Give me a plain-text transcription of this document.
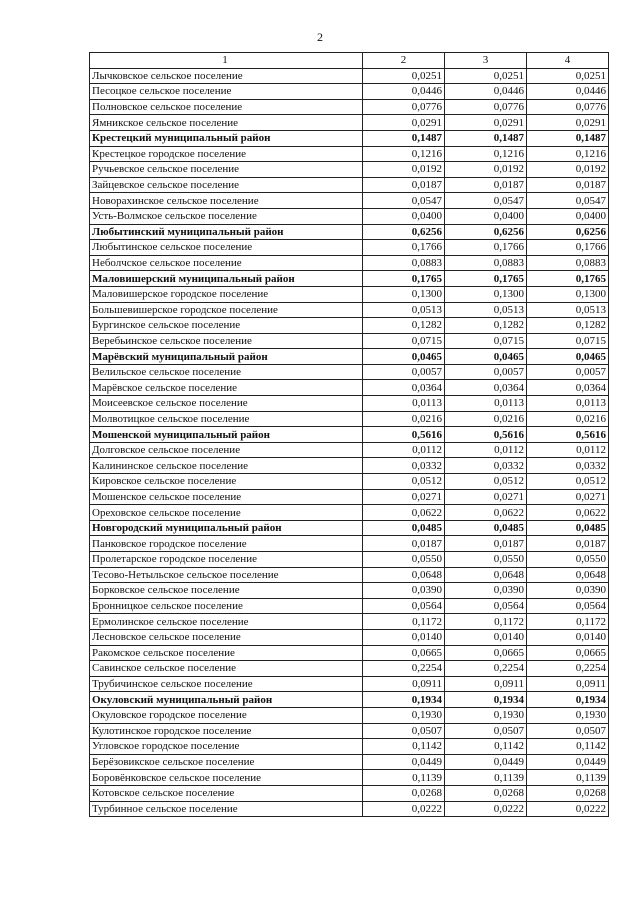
2
1	2	3	4
Лычковское сельское поселение	0,0251	0,0251	0,0251
Песоцкое сельское поселение	0,0446	0,0446	0,0446
Полновское сельское поселение	0,0776	0,0776	0,0776
Ямникское сельское поселение	0,0291	0,0291	0,0291
Крестецкий муниципальный район	0,1487	0,1487	0,1487
Крестецкое городское поселение	0,1216	0,1216	0,1216
Ручьевское сельское поселение	0,0192	0,0192	0,0192
Зайцевское сельское поселение	0,0187	0,0187	0,0187
Новорахинское сельское поселение	0,0547	0,0547	0,0547
Усть-Волмское сельское поселение	0,0400	0,0400	0,0400
Любытинский муниципальный район	0,6256	0,6256	0,6256
Любытинское сельское поселение	0,1766	0,1766	0,1766
Неболчское сельское поселение	0,0883	0,0883	0,0883
Маловишерский муниципальный район	0,1765	0,1765	0,1765
Маловишерское городское поселение	0,1300	0,1300	0,1300
Большевишерское городское поселение	0,0513	0,0513	0,0513
Бургинское сельское поселение	0,1282	0,1282	0,1282
Веребьинское сельское поселение	0,0715	0,0715	0,0715
Марёвский муниципальный район	0,0465	0,0465	0,0465
Велильское сельское поселение	0,0057	0,0057	0,0057
Марёвское сельское поселение	0,0364	0,0364	0,0364
Моисеевское сельское поселение	0,0113	0,0113	0,0113
Молвотицкое сельское поселение	0,0216	0,0216	0,0216
Мошенской муниципальный район	0,5616	0,5616	0,5616
Долговское сельское поселение	0,0112	0,0112	0,0112
Калининское сельское поселение	0,0332	0,0332	0,0332
Кировское сельское поселение	0,0512	0,0512	0,0512
Мошенское сельское поселение	0,0271	0,0271	0,0271
Ореховское сельское поселение	0,0622	0,0622	0,0622
Новгородский муниципальный район	0,0485	0,0485	0,0485
Панковское городское поселение	0,0187	0,0187	0,0187
Пролетарское городское поселение	0,0550	0,0550	0,0550
Тесово-Нетыльское сельское поселение	0,0648	0,0648	0,0648
Борковское сельское поселение	0,0390	0,0390	0,0390
Бронницкое сельское поселение	0,0564	0,0564	0,0564
Ермолинское сельское поселение	0,1172	0,1172	0,1172
Лесновское сельское поселение	0,0140	0,0140	0,0140
Ракомское сельское поселение	0,0665	0,0665	0,0665
Савинское сельское поселение	0,2254	0,2254	0,2254
Трубичинское сельское поселение	0,0911	0,0911	0,0911
Окуловский муниципальный район	0,1934	0,1934	0,1934
Окуловское городское поселение	0,1930	0,1930	0,1930
Кулотинское городское поселение	0,0507	0,0507	0,0507
Угловское городское поселение	0,1142	0,1142	0,1142
Берёзовикское сельское поселение	0,0449	0,0449	0,0449
Боровёнковское сельское поселение	0,1139	0,1139	0,1139
Котовское сельское поселение	0,0268	0,0268	0,0268
Турбинное сельское поселение	0,0222	0,0222	0,0222
